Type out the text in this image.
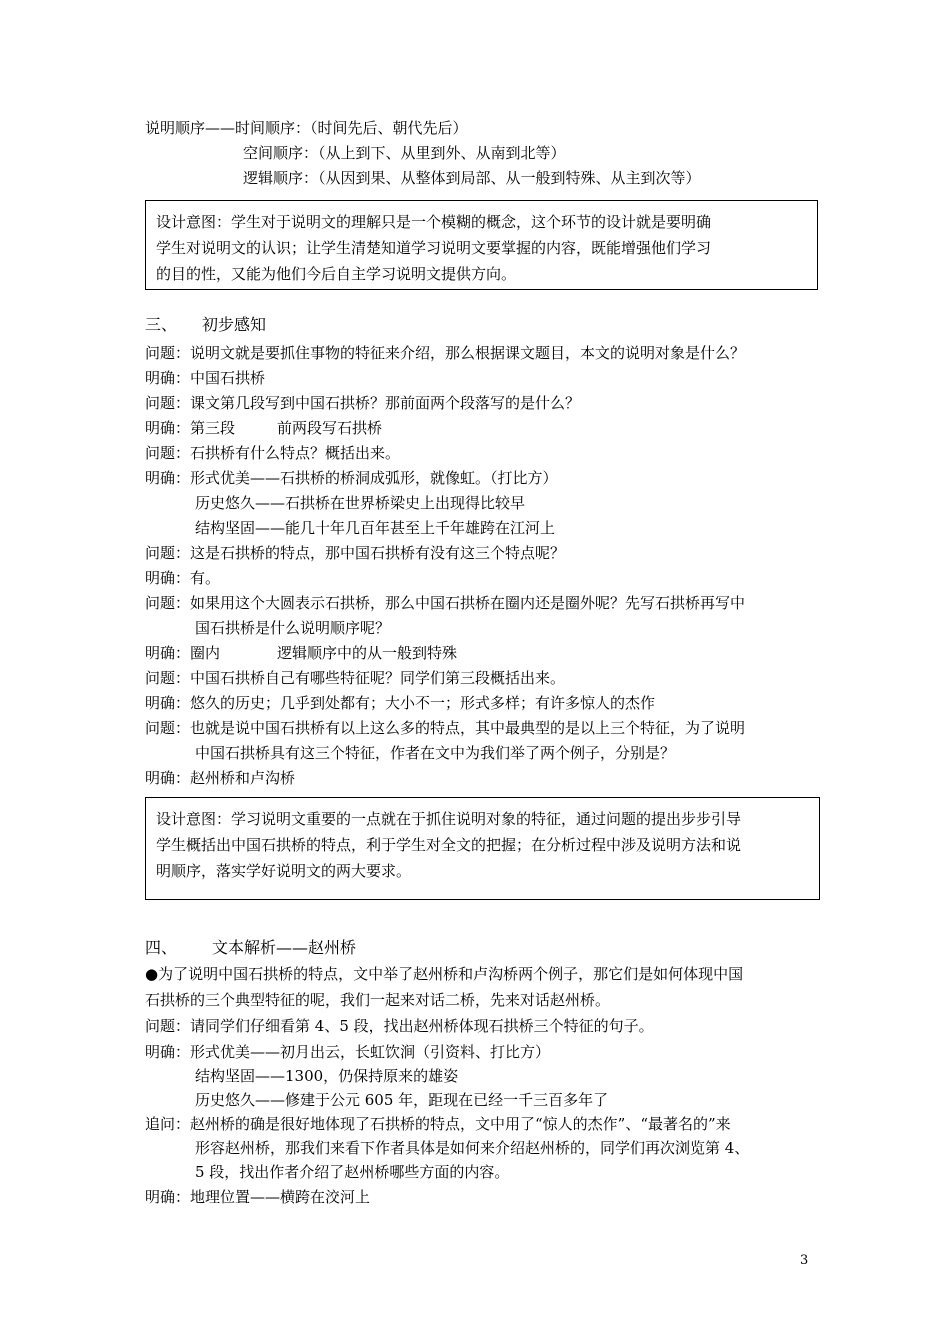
说明顺序——时间顺序：（时间先后、朝代先后）
空间顺序：（从上到下、从里到外、从南到北等）
逻辑顺序：（从因到果、从整体到局部、从一般到特殊、从主到次等）
设计意图：学生对于说明文的理解只是一个模糊的概念，这个环节的设计就是要明确
学生对说明文的认识；让学生清楚知道学习说明文要掌握的内容，既能增强他们学习
的目的性，又能为他们今后自主学习说明文提供方向。
三、 初步感知
问题：说明文就是要抓住事物的特征来介绍，那么根据课文题目，本文的说明对象是什么？
明确：中国石拱桥
问题：课文第几段写到中国石拱桥？那前面两个段落写的是什么？
明确：第三段	前两段写石拱桥
问题：石拱桥有什么特点？概括出来。
明确：形式优美——石拱桥的桥洞成弧形，就像虹。（打比方）
历史悠久——石拱桥在世界桥梁史上出现得比较早
结构坚固——能几十年几百年甚至上千年雄跨在江河上
问题：这是石拱桥的特点，那中国石拱桥有没有这三个特点呢？
明确：有。
问题：如果用这个大圆表示石拱桥，那么中国石拱桥在圈内还是圈外呢？先写石拱桥再写中
国石拱桥是什么说明顺序呢？
明确：圈内	逻辑顺序中的从一般到特殊
问题：中国石拱桥自己有哪些特征呢？同学们第三段概括出来。
明确：悠久的历史；几乎到处都有；大小不一；形式多样；有许多惊人的杰作
问题：也就是说中国石拱桥有以上这么多的特点，其中最典型的是以上三个特征，为了说明
中国石拱桥具有这三个特征，作者在文中为我们举了两个例子，分别是？
明确：赵州桥和卢沟桥
设计意图：学习说明文重要的一点就在于抓住说明对象的特征，通过问题的提出步步引导
学生概括出中国石拱桥的特点，利于学生对全文的把握；在分析过程中涉及说明方法和说
明顺序，落实学好说明文的两大要求。
四、 文本解析——赵州桥
●为了说明中国石拱桥的特点，文中举了赵州桥和卢沟桥两个例子，那它们是如何体现中国
石拱桥的三个典型特征的呢，我们一起来对话二桥，先来对话赵州桥。
问题：请同学们仔细看第 4、5 段，找出赵州桥体现石拱桥三个特征的句子。
明确：形式优美——初月出云，长虹饮涧（引资料、打比方）
结构坚固——1300，仍保持原来的雄姿
历史悠久——修建于公元 605 年，距现在已经一千三百多年了
追问：赵州桥的确是很好地体现了石拱桥的特点，文中用了“惊人的杰作”、“最著名的”来
形容赵州桥，那我们来看下作者具体是如何来介绍赵州桥的，同学们再次浏览第 4、
5 段，找出作者介绍了赵州桥哪些方面的内容。
明确：地理位置——横跨在洨河上
3
